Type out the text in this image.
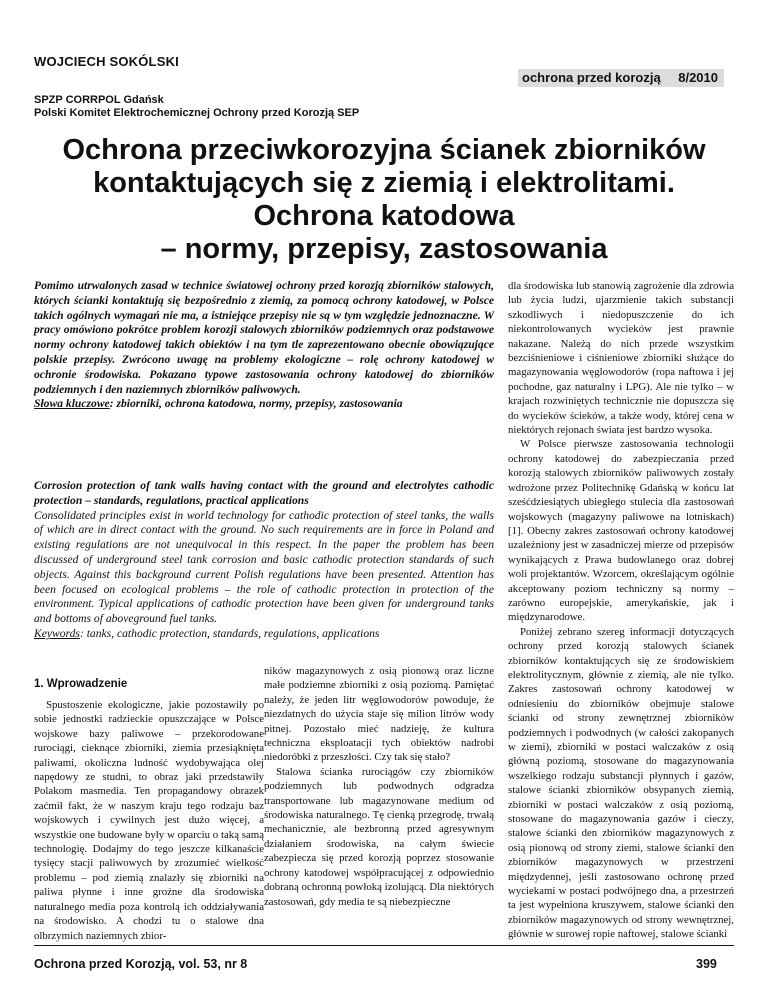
WOJCIECH SOKÓLSKI
ochrona przed korozją 8/2010
SPZP CORRPOL Gdańsk
Polski Komitet Elektrochemicznej Ochrony przed Korozją SEP
Ochrona przeciwkorozyjna ścianek zbiorników
kontaktujących się z ziemią i elektrolitami.
Ochrona katodowa
– normy, przepisy, zastosowania

Pomimo utrwalonych zasad w technice światowej ochrony przed korozją zbiorników stalowych, których ścianki kontaktują się bezpośrednio z ziemią, za pomocą ochrony katodowej, w Polsce takich ogólnych wymagań nie ma, a istniejące przepisy nie są w tym względzie jednoznaczne. W pracy omówiono pokrótce problem korozji stalowych zbiorników podziemnych oraz podstawowe normy ochrony katodowej takich obiektów i na tym tle zaprezentowano obecnie obowiązujące polskie przepisy. Zwrócono uwagę na problemy ekologiczne – rolę ochrony katodowej w ochronie środowiska. Pokazano typowe zastosowania ochrony katodowej do zbiorników podziemnych i den naziemnych zbiorników paliwowych.

Słowa kluczowe: zbiorniki, ochrona katodowa, normy, przepisy, zastosowania

Corrosion protection of tank walls having contact with the ground and electrolytes cathodic protection – standards, regulations, practical applications

Consolidated principles exist in world technology for cathodic protection of steel tanks, the walls of which are in direct contact with the ground. No such requirements are in force in Poland and existing regulations are not unequivocal in this respect. In the paper the problem has been discussed of underground steel tank corrosion and basic cathodic protection standards of such objects. Against this background current Polish regulations have been presented. Attention has been focused on ecological problems – the role of cathodic protection in protection of the environment. Typical applications of cathodic protection have been given for underground tanks and bottoms of aboveground fuel tanks.

Keywords: tanks, cathodic protection, standards, regulations, applications

1. Wprowadzenie

Spustoszenie ekologiczne, jakie pozostawiły po sobie jednostki radzieckie opuszczające w Polsce wojskowe bazy paliwowe – przekorodowane rurociągi, cieknące zbiorniki, ziemia przesiąknięta paliwami, okoliczna ludność wydobywająca olej napędowy ze studni, to obraz jaki przedstawiły Polakom masmedia. Ten propagandowy obrazek zaćmił fakt, że w naszym kraju tego rodzaju baz wojskowych i cywilnych jest dużo więcej, a wszystkie one budowane były w oparciu o taką samą technologię. Dodajmy do tego jeszcze kilkanaście tysięcy stacji paliwowych by zrozumieć wielkość problemu – pod ziemią znalazły się zbiorniki na paliwa płynne i inne groźne dla środowiska naturalnego media poza kontrolą ich oddziaływania na środowisko. A chodzi tu o stalowe dna olbrzymich naziemnych zbior-

ników magazynowych z osią pionową oraz liczne małe podziemne zbiorniki z osią poziomą. Pamiętać należy, że jeden litr węglowodorów powoduje, że niezdatnych do użycia staje się milion litrów wody pitnej. Pozostało mieć nadzieję, że kultura techniczna eksploatacji tych obiektów nadrobi niedoróbki z przeszłości. Czy tak się stało?

Stalowa ścianka rurociągów czy zbiorników podziemnych lub podwodnych odgradza transportowane lub magazynowane medium od środowiska naturalnego. Tę cienką przegrodę, trwałą mechanicznie, ale bezbronną przed agresywnym działaniem środowiska, na całym świecie zabezpiecza się przed korozją poprzez stosowanie ochrony katodowej współpracującej z odpowiednio dobraną ochronną powłoką izolującą. Dla niektórych zastosowań, gdy media te są niebezpieczne

dla środowiska lub stanowią zagrożenie dla zdrowia lub życia ludzi, ujarzmienie takich substancji szkodliwych i niedopuszczenie do ich niekontrolowanych wycieków jest prawnie nakazane. Należą do nich przede wszystkim bezciśnieniowe i ciśnieniowe zbiorniki służące do magazynowania węglowodorów (ropa naftowa i jej pochodne, gaz naturalny i LPG). Ale nie tylko – w krajach rozwiniętych technicznie nie dopuszcza się do wycieków ścieków, a także wody, której cena w niektórych rejonach świata jest bardzo wysoka.

W Polsce pierwsze zastosowania technologii ochrony katodowej do zabezpieczania przed korozją stalowych zbiorników paliwowych zostały wdrożone przez Politechnikę Gdańską w końcu lat sześćdziesiątych ubiegłego stulecia dla zastosowań wojskowych (magazyny paliwowe na lotniskach) [1]. Obecny zakres zastosowań ochrony katodowej uzależniony jest w zasadniczej mierze od przepisów wynikających z Prawa budowlanego oraz dobrej woli projektantów. Wzorcem, określającym ogólnie akceptowany poziom techniczny są normy – zarówno europejskie, amerykańskie, jak i międzynarodowe.

Poniżej zebrano szereg informacji dotyczących ochrony przed korozją stalowych ścianek zbiorników kontaktujących się ze środowiskiem elektrolitycznym, głównie z ziemią, ale nie tylko. Zakres zastosowań ochrony katodowej w odniesieniu do zbiorników obejmuje stalowe ścianki od strony zewnętrznej zbiorników podziemnych i podwodnych (w całości zakopanych w ziemi), zbiorniki w postaci walczaków z osią główną poziomą, stosowane do magazynowania wszelkiego rodzaju substancji płynnych i gazów, stalowe ścianki zbiorników obsypanych ziemią, zbiorniki w postaci walczaków z osią poziomą, stosowane do magazynowania gazów i cieczy, stalowe ścianki den zbiorników magazynowych z osią pionową od strony ziemi, stalowe ścianki den zbiorników magazynowych w przestrzeni międzydennej, jeśli zastosowano ochronę przed wyciekami w postaci podwójnego dna, a przestrzeń ta jest wypełniona kruszywem, stalowe ścianki den zbiorników magazynowych od strony wewnętrznej, głównie w surowej ropie naftowej, stalowe ścianki

Ochrona przed Korozją, vol. 53, nr 8	399
